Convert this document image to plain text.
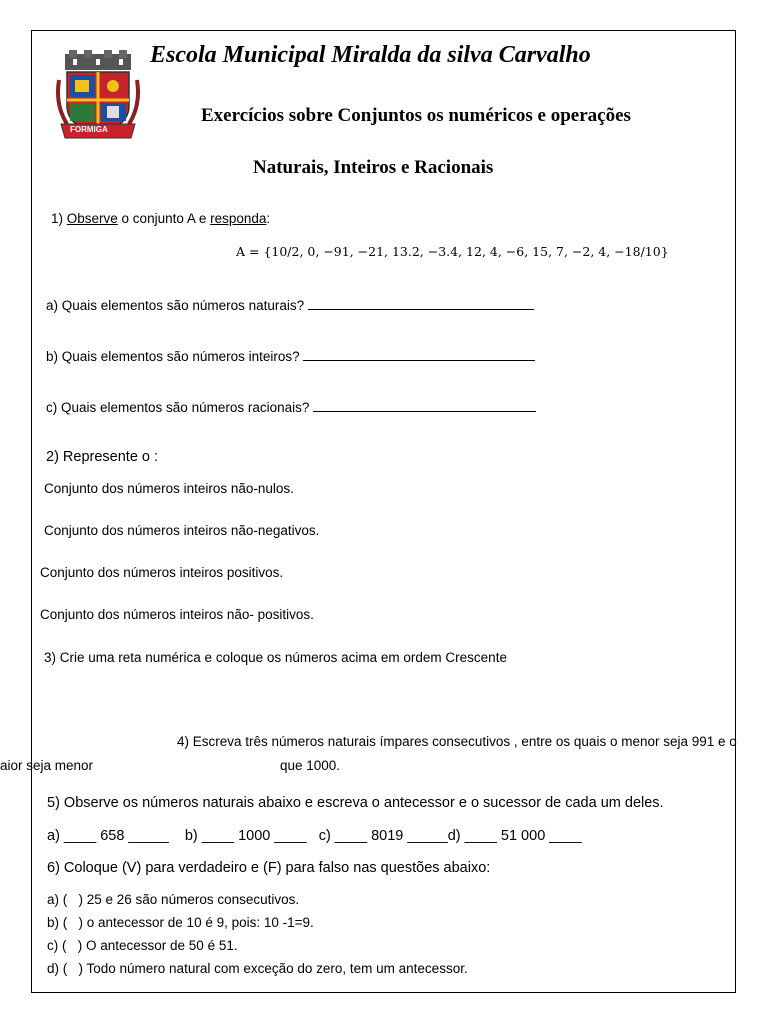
FORMIGA
Escola Municipal Miralda da silva Carvalho
Exercícios sobre Conjuntos os numéricos e operações
Naturais, Inteiros e Racionais
1) Observe o conjunto A e responda:
A = {10/2, 0, −91, −21, 13.2, −3.4, 12, 4, −6, 15, 7, −2, 4, −18/10}
a) Quais elementos são números naturais?
b) Quais elementos são números inteiros?
c) Quais elementos são números racionais?
2) Represente o :
Conjunto dos números inteiros não-nulos.
Conjunto dos números inteiros não-negativos.
Conjunto dos números inteiros positivos.
Conjunto dos números inteiros não- positivos.
3) Crie uma reta numérica e coloque os números acima em ordem Crescente
4) Escreva três números naturais ímpares consecutivos , entre os quais o menor seja 991 e o
aior seja menor	que 1000.
5) Observe os números naturais abaixo e escreva o antecessor e o sucessor de cada um deles.
a) ____ 658 _____    b) ____ 1000 ____   c) ____ 8019 _____d) ____ 51 000 ____
6) Coloque (V) para verdadeiro e (F) para falso nas questões abaixo:
a) (   ) 25 e 26 são números consecutivos.
b) (   ) o antecessor de 10 é 9, pois: 10 -1=9.
c) (   ) O antecessor de 50 é 51.
d) (   ) Todo número natural com exceção do zero, tem um antecessor.
